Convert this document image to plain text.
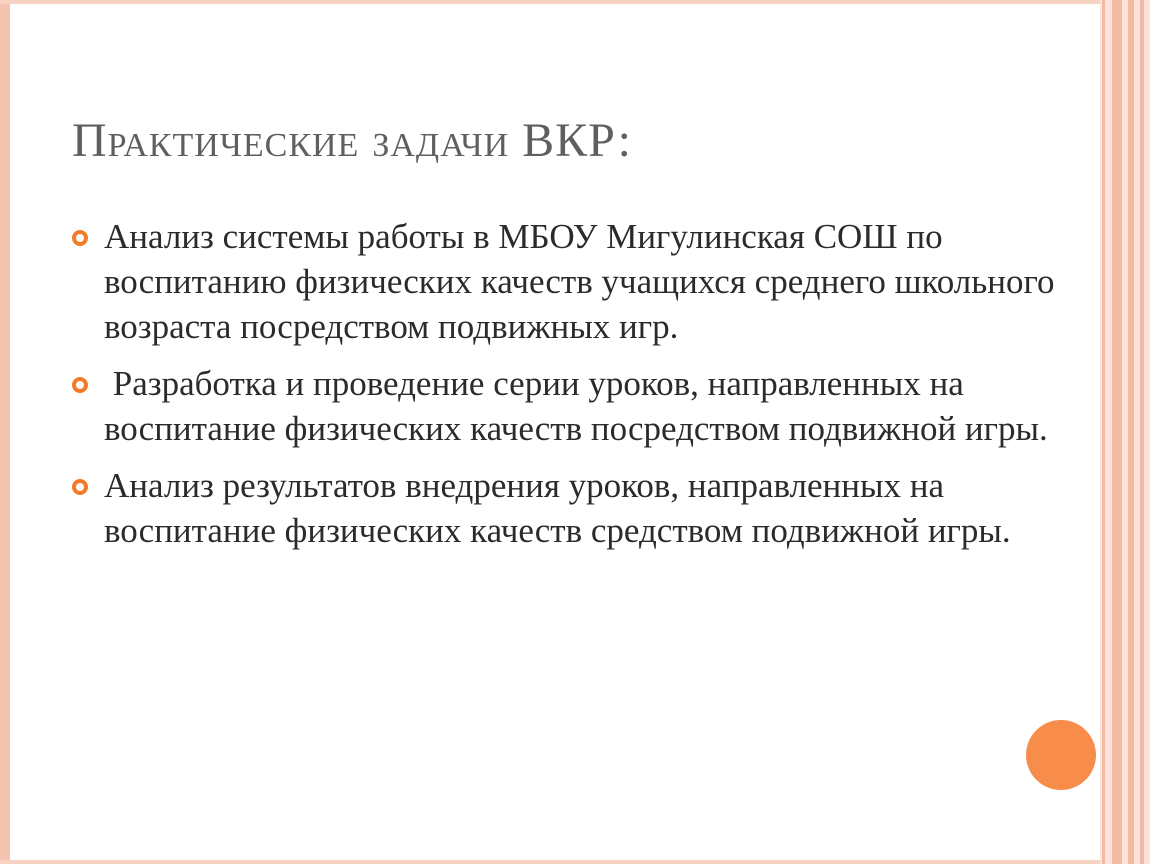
Практические задачи ВКР:
Анализ системы работы в МБОУ Мигулинская СОШ по воспитанию физических качеств учащихся среднего школьного возраста посредством подвижных игр.
Разработка и проведение серии уроков, направленных на воспитание физических качеств посредством подвижной игры.
Анализ результатов внедрения уроков, направленных на воспитание физических качеств средством подвижной игры.
